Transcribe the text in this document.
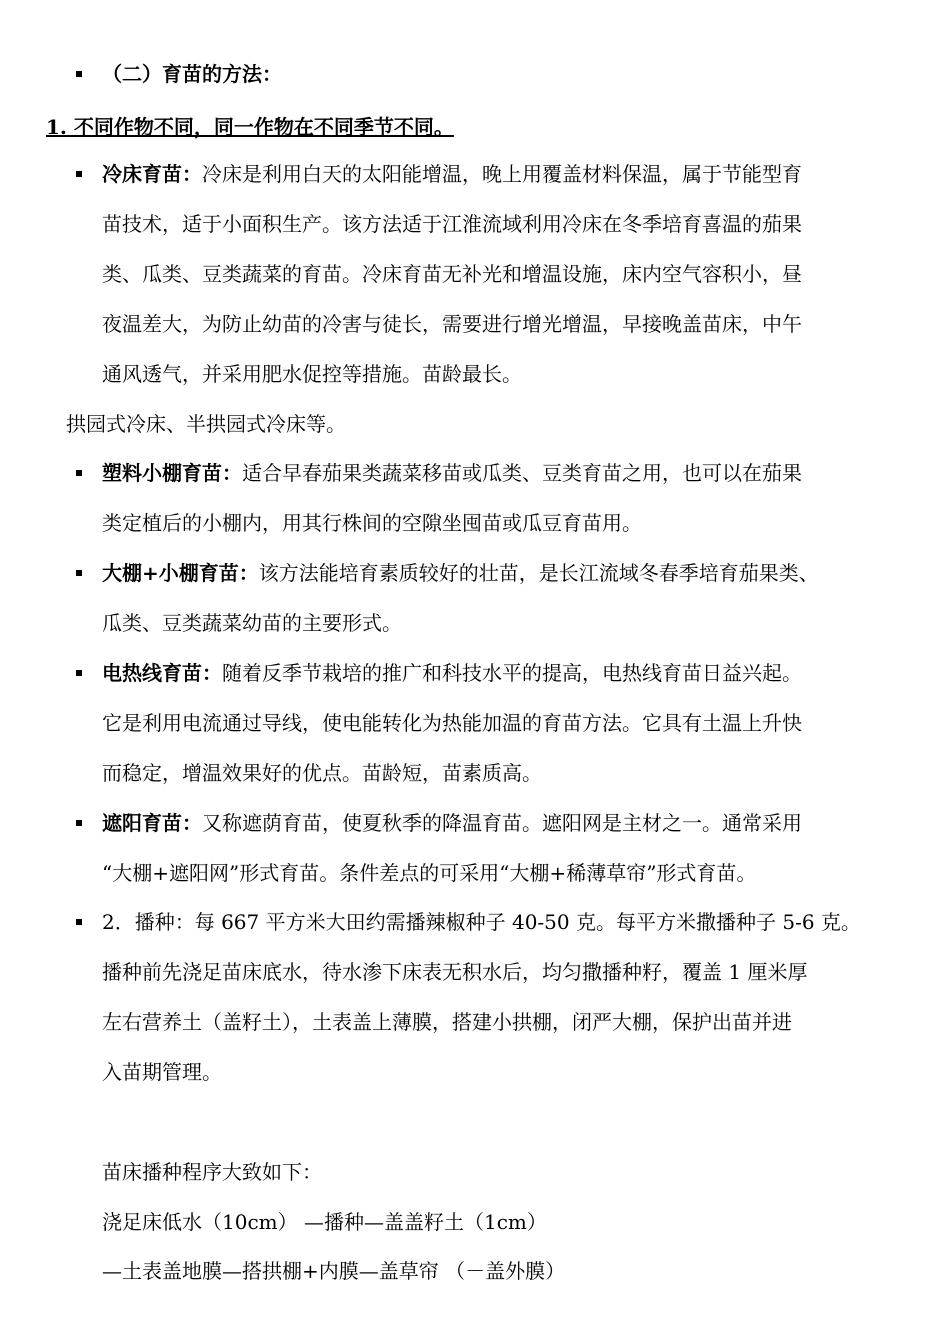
（二）育苗的方法：
1. 不同作物不同，同一作物在不同季节不同。
冷床育苗：冷床是利用白天的太阳能增温，晚上用覆盖材料保温，属于节能型育
苗技术，适于小面积生产。该方法适于江淮流域利用冷床在冬季培育喜温的茄果
类、瓜类、豆类蔬菜的育苗。冷床育苗无补光和增温设施，床内空气容积小，昼
夜温差大，为防止幼苗的冷害与徒长，需要进行增光增温，早接晚盖苗床，中午
通风透气，并采用肥水促控等措施。苗龄最长。
拱园式冷床、半拱园式冷床等。
塑料小棚育苗：适合早春茄果类蔬菜移苗或瓜类、豆类育苗之用，也可以在茄果
类定植后的小棚内，用其行株间的空隙坐囤苗或瓜豆育苗用。
大棚+小棚育苗：该方法能培育素质较好的壮苗，是长江流域冬春季培育茄果类、
瓜类、豆类蔬菜幼苗的主要形式。
电热线育苗：随着反季节栽培的推广和科技水平的提高，电热线育苗日益兴起。
它是利用电流通过导线，使电能转化为热能加温的育苗方法。它具有土温上升快
而稳定，增温效果好的优点。苗龄短，苗素质高。
遮阳育苗：又称遮荫育苗，使夏秋季的降温育苗。遮阳网是主材之一。通常采用
“大棚+遮阳网”形式育苗。条件差点的可采用“大棚+稀薄草帘”形式育苗。
2．播种：每 667 平方米大田约需播辣椒种子 40-50 克。每平方米撒播种子 5-6 克。
播种前先浇足苗床底水，待水渗下床表无积水后，均匀撒播种籽，覆盖 1 厘米厚
左右营养土（盖籽土），土表盖上薄膜，搭建小拱棚，闭严大棚，保护出苗并进
入苗期管理。
苗床播种程序大致如下：
浇足床低水（10cm） —播种—盖盖籽土（1cm）
—土表盖地膜—搭拱棚+内膜—盖草帘 （－盖外膜）
